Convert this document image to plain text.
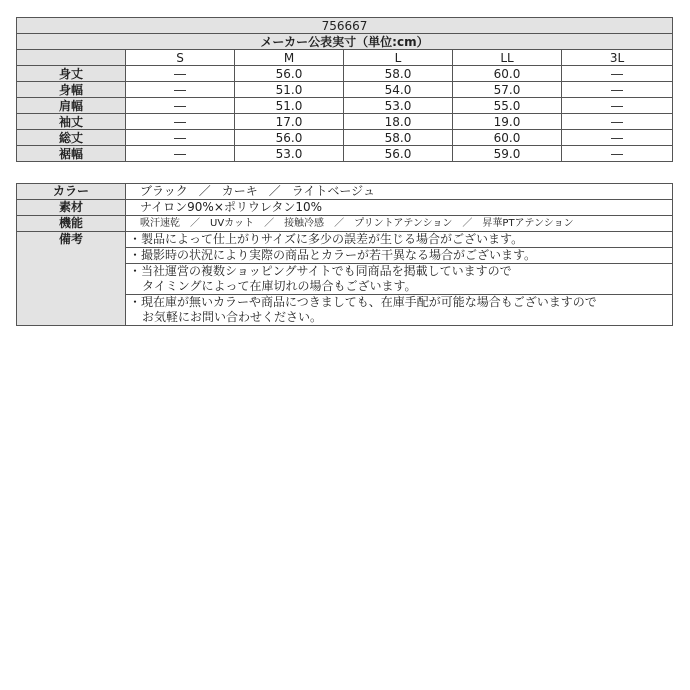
756667					
メーカー公表実寸（単位:cm）					
	S	M	L	LL	3L
身丈	―	56.0	58.0	60.0	―
身幅	―	51.0	54.0	57.0	―
肩幅	―	51.0	53.0	55.0	―
袖丈	―	17.0	18.0	19.0	―
総丈	―	56.0	58.0	60.0	―
裾幅	―	53.0	56.0	59.0	―
カラー	ブラック ／ カーキ ／ ライトベージュ
素材	ナイロン90%×ポリウレタン10%
機能	吸汗速乾 ／ UVカット ／ 接触冷感 ／ プリントアテンション ／ 昇華PTアテンション
備考	・製品によって仕上がりサイズに多少の誤差が生じる場合がございます。

	・撮影時の状況により実際の商品とカラーが若干異なる場合がございます。

	・当社運営の複数ショッピングサイトでも同商品を掲載していますので
タイミングによって在庫切れの場合もございます。

	・現在庫が無いカラーや商品につきましても、在庫手配が可能な場合もございますので
お気軽にお問い合わせください。
